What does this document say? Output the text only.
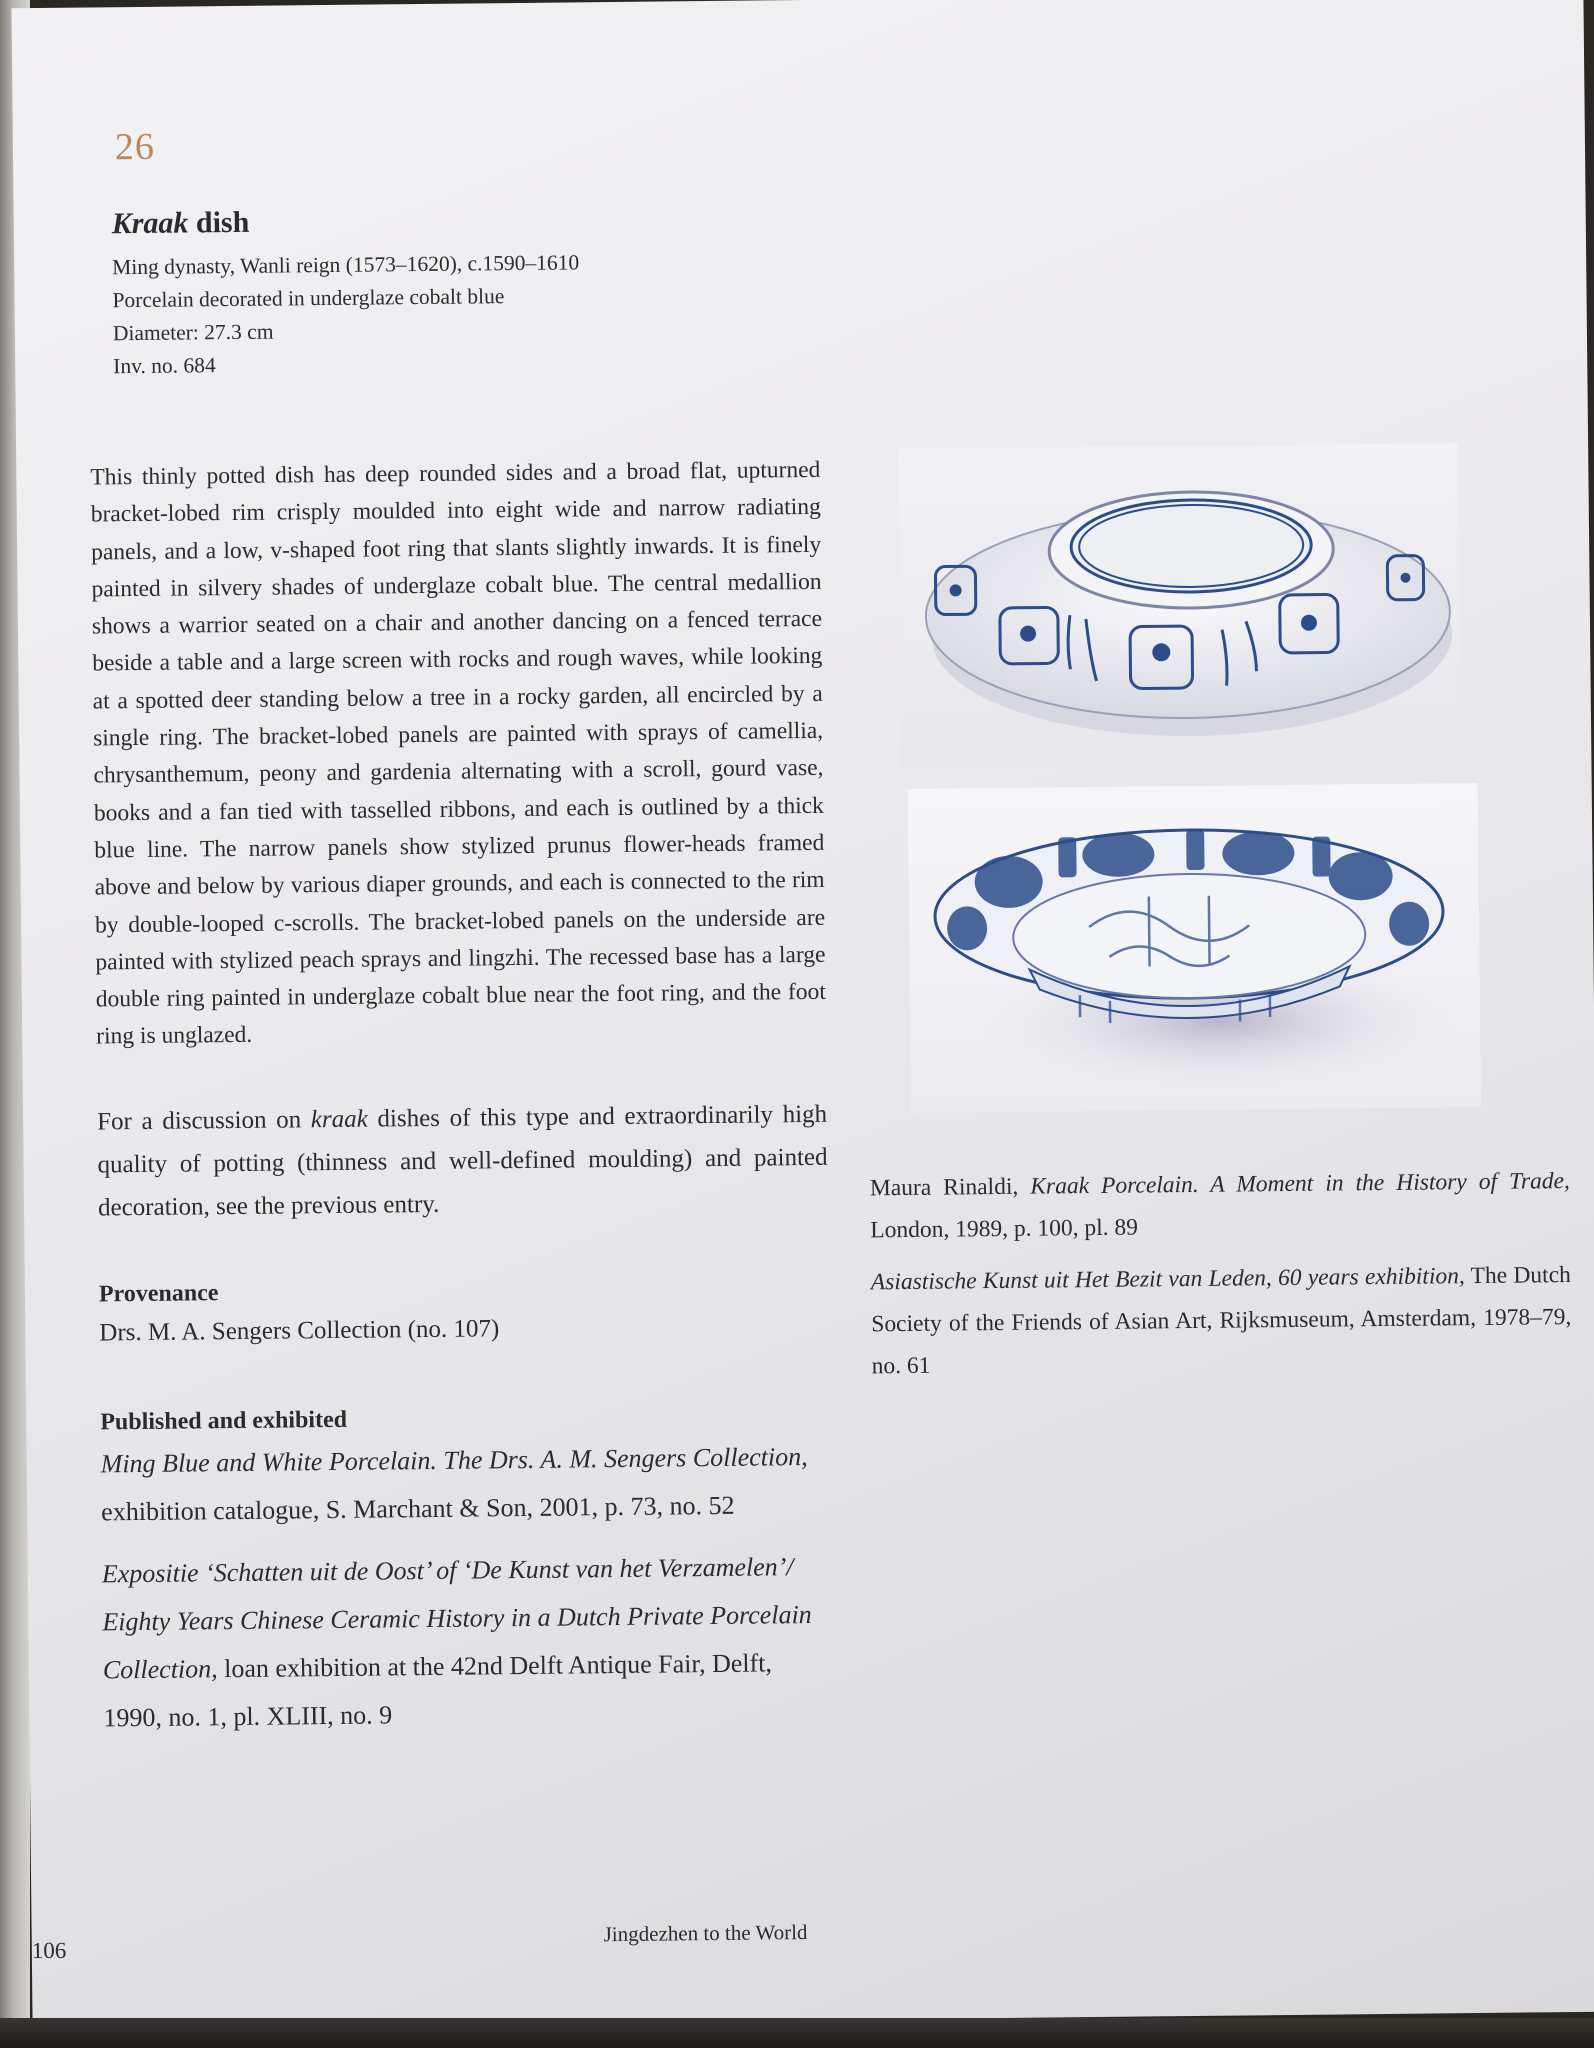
26

Kraak dish

Ming dynasty, Wanli reign (1573–1620), c.1590–1610

Porcelain decorated in underglaze cobalt blue

Diameter: 27.3 cm

Inv. no. 684

This thinly potted dish has deep rounded sides and a broad flat, upturned bracket-lobed rim crisply moulded into eight wide and narrow radiating panels, and a low, v-shaped foot ring that slants slightly inwards. It is finely painted in silvery shades of underglaze cobalt blue. The central medallion shows a warrior seated on a chair and another dancing on a fenced terrace beside a table and a large screen with rocks and rough waves, while looking at a spotted deer standing below a tree in a rocky garden, all encircled by a single ring. The bracket-lobed panels are painted with sprays of camellia, chrysanthemum, peony and gardenia alternating with a scroll, gourd vase, books and a fan tied with tasselled ribbons, and each is outlined by a thick blue line. The narrow panels show stylized prunus flower-heads framed above and below by various diaper grounds, and each is connected to the rim by double-looped c-scrolls. The bracket-lobed panels on the underside are painted with stylized peach sprays and lingzhi. The recessed base has a large double ring painted in underglaze cobalt blue near the foot ring, and the foot ring is unglazed.

For a discussion on kraak dishes of this type and extraordinarily high quality of potting (thinness and well-defined moulding) and painted decoration, see the previous entry.

Provenance

Drs. M. A. Sengers Collection (no. 107)

Published and exhibited

Ming Blue and White Porcelain. The Drs. A. M. Sengers Collection, exhibition catalogue, S. Marchant & Son, 2001, p. 73, no. 52

Expositie ‘Schatten uit de Oost’ of ‘De Kunst van het Verzamelen’/ Eighty Years Chinese Ceramic History in a Dutch Private Porcelain Collection, loan exhibition at the 42nd Delft Antique Fair, Delft, 1990, no. 1, pl. XLIII, no. 9

Maura Rinaldi, Kraak Porcelain. A Moment in the History of Trade, London, 1989, p. 100, pl. 89

Asiastische Kunst uit Het Bezit van Leden, 60 years exhibition, The Dutch Society of the Friends of Asian Art, Rijksmuseum, Amsterdam, 1978–79, no. 61

106
Jingdezhen to the World
